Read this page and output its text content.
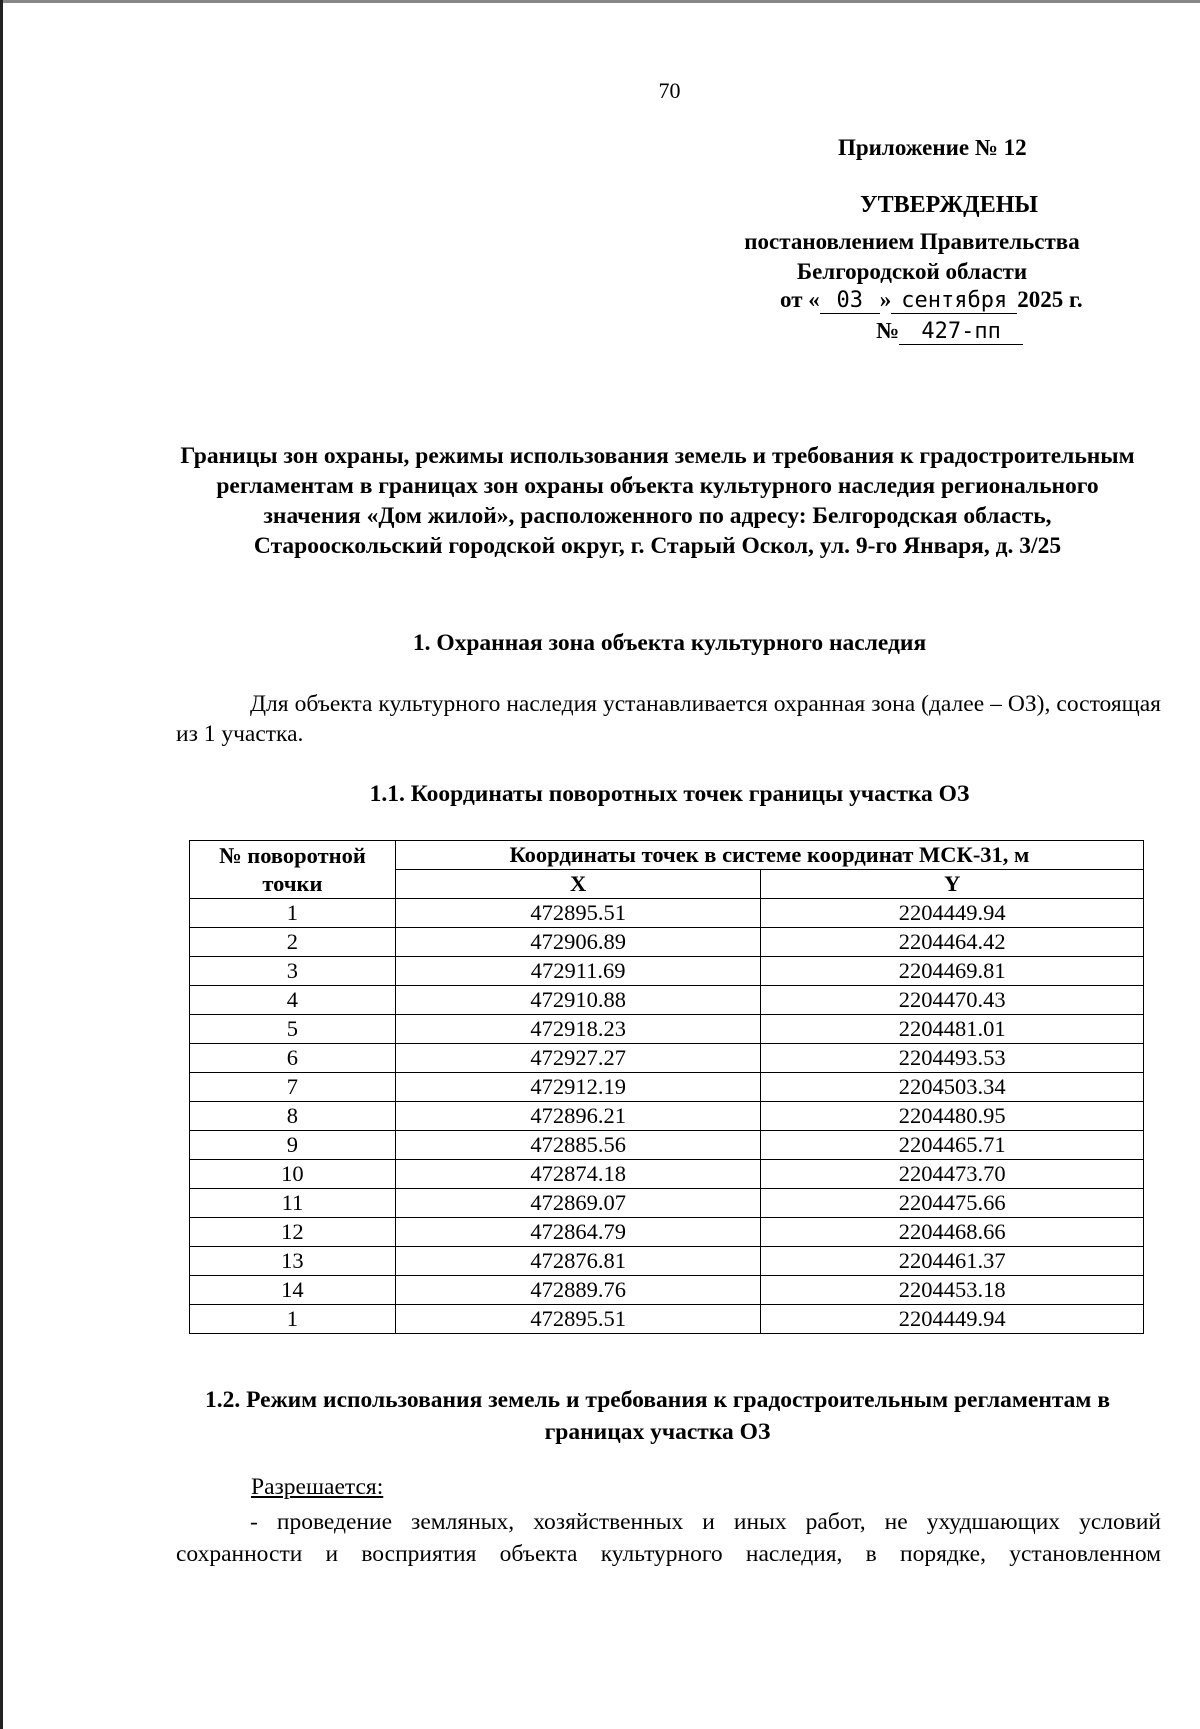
70
Приложение № 12
УТВЕРЖДЕНЫ
постановлением Правительства
Белгородской области
от « 03 » сентября 2025 г.
№ 427-пп
Границы зон охраны, режимы использования земель и требования к градостроительным регламентам в границах зон охраны объекта культурного наследия регионального значения «Дом жилой», расположенного по адресу: Белгородская область, Старооскольский городской округ, г. Старый Оскол, ул. 9-го Января, д. 3/25
1. Охранная зона объекта культурного наследия
Для объекта культурного наследия устанавливается охранная зона (далее – ОЗ), состоящая из 1 участка.
1.1. Координаты поворотных точек границы участка ОЗ
№ поворотной точки	Координаты точек в системе координат МСК-31, м	
	X	Y
1	472895.51	2204449.94
2	472906.89	2204464.42
3	472911.69	2204469.81
4	472910.88	2204470.43
5	472918.23	2204481.01
6	472927.27	2204493.53
7	472912.19	2204503.34
8	472896.21	2204480.95
9	472885.56	2204465.71
10	472874.18	2204473.70
11	472869.07	2204475.66
12	472864.79	2204468.66
13	472876.81	2204461.37
14	472889.76	2204453.18
1	472895.51	2204449.94
1.2. Режим использования земель и требования к градостроительным регламентам в границах участка ОЗ
Разрешается:
- проведение земляных, хозяйственных и иных работ, не ухудшающих условий сохранности и восприятия объекта культурного наследия, в порядке, установленном
